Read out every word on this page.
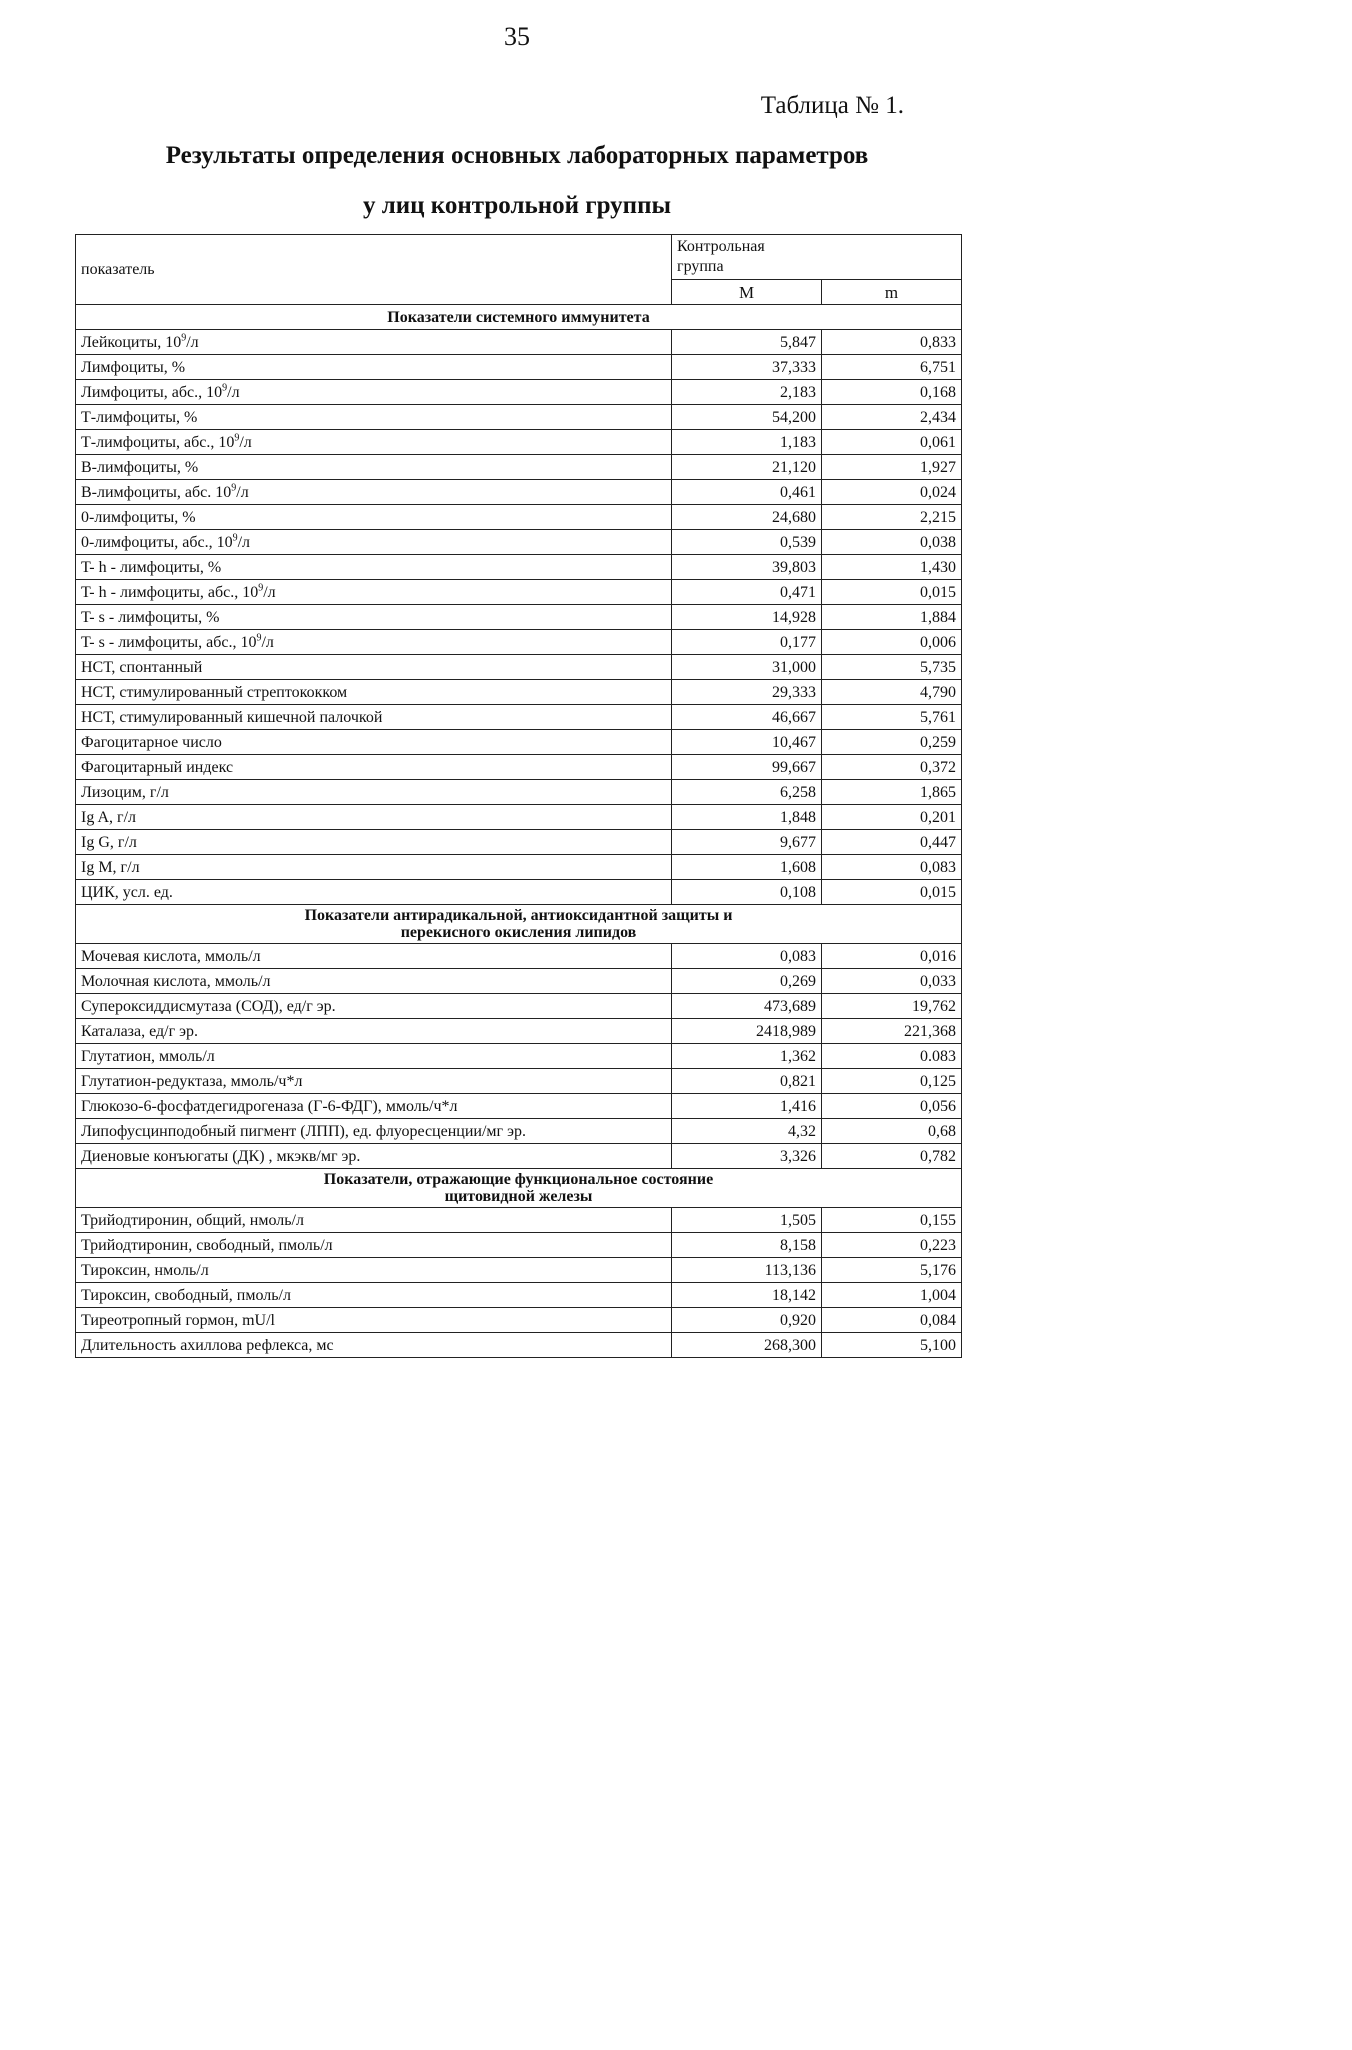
35
Таблица № 1.
Результаты определения основных лабораторных параметров
у лиц контрольной группы
показатель	Контрольная
группа	
	М	m
Показатели системного иммунитета		
Лейкоциты, $10^9/л$	5,847	0,833
Лимфоциты, %	37,333	6,751
Лимфоциты, абс., $10^9/л$	2,183	0,168
Т-лимфоциты, %	54,200	2,434
Т-лимфоциты, абс., $10^9/л$	1,183	0,061
В-лимфоциты, %	21,120	1,927
В-лимфоциты, абс. $10^9/л$	0,461	0,024
0-лимфоциты, %	24,680	2,215
0-лимфоциты, абс., $10^9/л$	0,539	0,038
T- h - лимфоциты, %	39,803	1,430
T- h - лимфоциты, абс., $10^9/л$	0,471	0,015
T- s - лимфоциты, %	14,928	1,884
T- s - лимфоциты, абс., $10^9/л$	0,177	0,006
НСТ, спонтанный	31,000	5,735
НСТ, стимулированный стрептококком	29,333	4,790
НСТ, стимулированный кишечной палочкой	46,667	5,761
Фагоцитарное число	10,467	0,259
Фагоцитарный индекс	99,667	0,372
Лизоцим, г/л	6,258	1,865
Ig A, г/л	1,848	0,201
Ig G, г/л	9,677	0,447
Ig M, г/л	1,608	0,083
ЦИК, усл. ед.	0,108	0,015
Показатели антирадикальной, антиоксидантной защиты и
перекисного окисления липидов		
Мочевая кислота, ммоль/л	0,083	0,016
Молочная кислота, ммоль/л	0,269	0,033
Супероксиддисмутаза (СОД), ед/г эр.	473,689	19,762
Каталаза, ед/г эр.	2418,989	221,368
Глутатион, ммоль/л	1,362	0.083
Глутатион-редуктаза, ммоль/ч*л	0,821	0,125
Глюкозо-6-фосфатдегидрогеназа (Г-6-ФДГ), ммоль/ч*л	1,416	0,056
Липофусцинподобный пигмент (ЛПП), ед. флуоресценции/мг эр.	4,32	0,68
Диеновые конъюгаты (ДК) , мкэкв/мг эр.	3,326	0,782
Показатели, отражающие функциональное состояние
щитовидной железы		
Трийодтиронин, общий, нмоль/л	1,505	0,155
Трийодтиронин, свободный, пмоль/л	8,158	0,223
Тироксин, нмоль/л	113,136	5,176
Тироксин, свободный, пмоль/л	18,142	1,004
Тиреотропный гормон, mU/l	0,920	0,084
Длительность ахиллова рефлекса, мс	268,300	5,100
